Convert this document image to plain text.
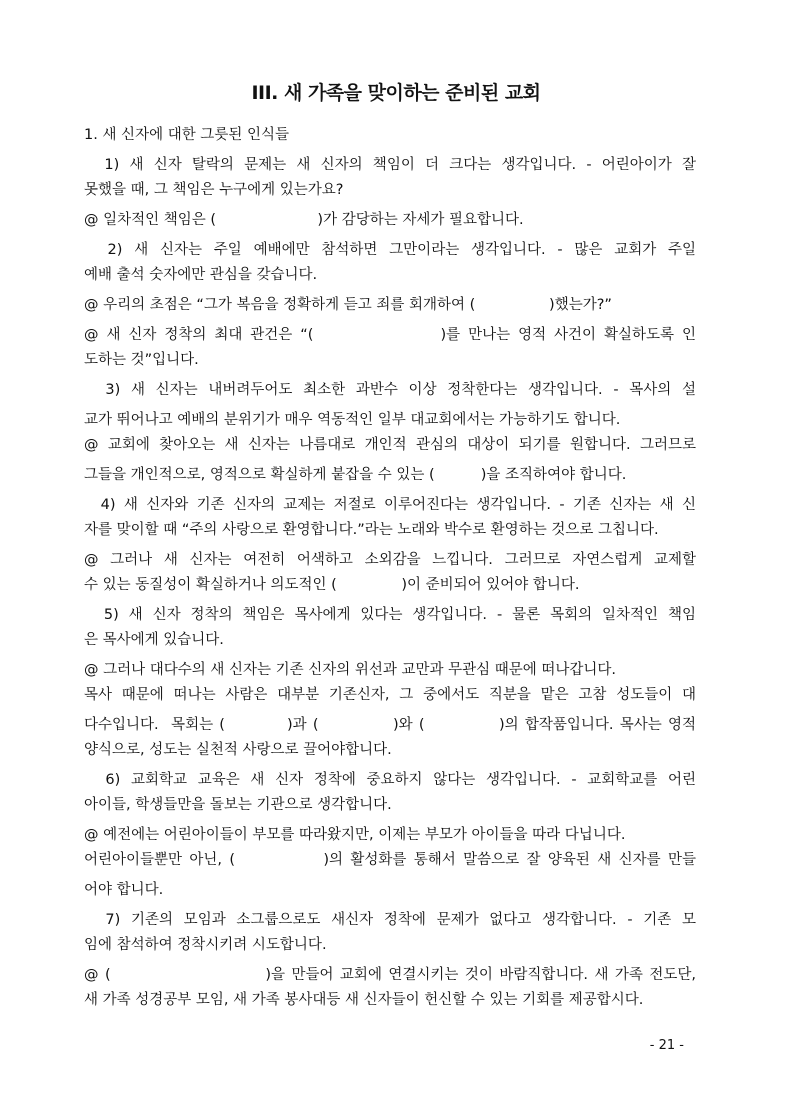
III. 새 가족을 맞이하는 준비된 교회
1. 새 신자에 대한 그릇된 인식들
1) 새 신자 탈락의 문제는 새 신자의 책임이 더 크다는 생각입니다. - 어린아이가 잘
못했을 때, 그 책임은 누구에게 있는가요?
@ 일차적인 책임은 (                      )가 감당하는 자세가 필요합니다.
2) 새 신자는 주일 예배에만 참석하면 그만이라는 생각입니다. - 많은 교회가 주일
예배 출석 숫자에만 관심을 갖습니다.
@ 우리의 초점은 “그가 복음을 정확하게 듣고 죄를 회개하여 (                )했는가?”
@ 새 신자 정착의 최대 관건은 “(                )를 만나는 영적 사건이 확실하도록 인
도하는 것”입니다.
3) 새 신자는 내버려두어도 최소한 과반수 이상 정착한다는 생각입니다. - 목사의 설
교가 뛰어나고 예배의 분위기가 매우 역동적인 일부 대교회에서는 가능하기도 합니다.
@ 교회에 찾아오는 새 신자는 나름대로 개인적 관심의 대상이 되기를 원합니다. 그러므로
그들을 개인적으로, 영적으로 확실하게 붙잡을 수 있는 (          )을 조직하여야 합니다.
4) 새 신자와 기존 신자의 교제는 저절로 이루어진다는 생각입니다. - 기존 신자는 새 신
자를 맞이할 때 “주의 사랑으로 환영합니다.”라는 노래와 박수로 환영하는 것으로 그칩니다.
@ 그러나 새 신자는 여전히 어색하고 소외감을 느낍니다. 그러므로 자연스럽게 교제할
수 있는 동질성이 확실하거나 의도적인 (              )이 준비되어 있어야 합니다.
5) 새 신자 정착의 책임은 목사에게 있다는 생각입니다. - 물론 목회의 일차적인 책임
은 목사에게 있습니다.
@ 그러나 대다수의 새 신자는 기존 신자의 위선과 교만과 무관심 때문에 떠나갑니다.
목사 때문에 떠나는 사람은 대부분 기존신자, 그 중에서도 직분을 맡은 고참 성도들이 대
다수입니다.  목회는 (          )과 (            )와 (            )의 합작품입니다. 목사는 영적
양식으로, 성도는 실천적 사랑으로 끌어야합니다.
6) 교회학교 교육은 새 신자 정착에 중요하지 않다는 생각입니다. - 교회학교를 어린
아이들, 학생들만을 돌보는 기관으로 생각합니다.
@ 예전에는 어린아이들이 부모를 따라왔지만, 이제는 부모가 아이들을 따라 다닙니다.
어린아이들뿐만 아닌, (            )의 활성화를 통해서 말씀으로 잘 양육된 새 신자를 만들
어야 합니다.
7) 기존의 모임과 소그룹으로도 새신자 정착에 문제가 없다고 생각합니다. - 기존 모
임에 참석하여 정착시키려 시도합니다.
@ (                        )을 만들어 교회에 연결시키는 것이 바람직합니다. 새 가족 전도단,
새 가족 성경공부 모임, 새 가족 봉사대등 새 신자들이 헌신할 수 있는 기회를 제공합시다.
- 21 -
